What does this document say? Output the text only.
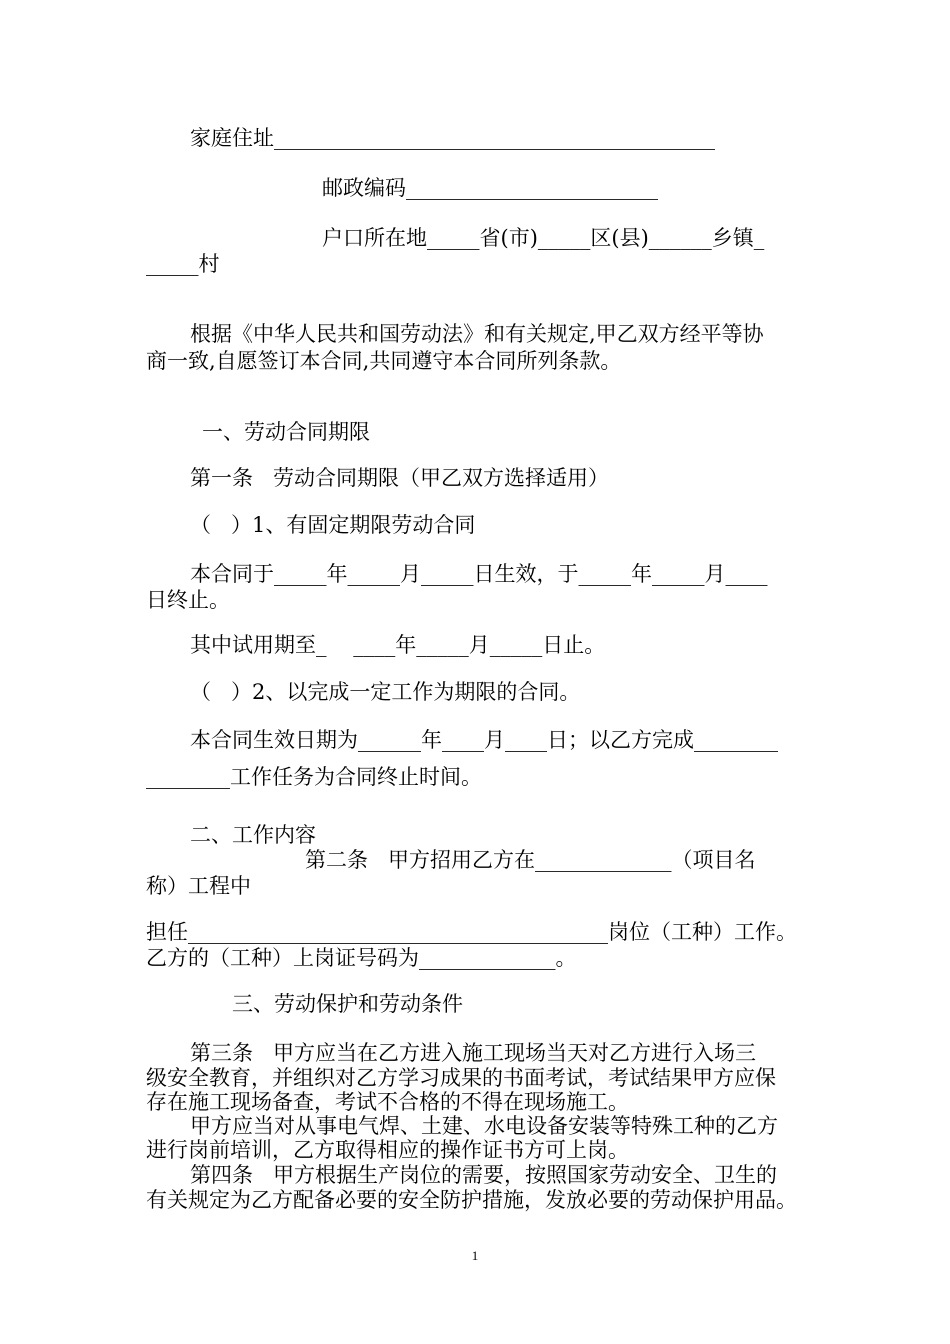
家庭住址__________________________________________
邮政编码________________________
户口所在地_____省(市)_____区(县)______乡镇_
_____村
根据《中华人民共和国劳动法》和有关规定,甲乙双方经平等协
商一致,自愿签订本合同,共同遵守本合同所列条款。
一、劳动合同期限
第一条   劳动合同期限（甲乙双方选择适用）
（   ）1、有固定期限劳动合同
本合同于_____年_____月_____日生效，于_____年_____月____
日终止。
其中试用期至_    ____年_____月_____日止。
（   ）2、以完成一定工作为期限的合同。
本合同生效日期为______年____月____日；以乙方完成________
________工作任务为合同终止时间。
二、工作内容
第二条   甲方招用乙方在_____________（项目名
称）工程中
担任________________________________________岗位（工种）工作。
乙方的（工种）上岗证号码为_____________。
三、劳动保护和劳动条件
第三条   甲方应当在乙方进入施工现场当天对乙方进行入场三
级安全教育，并组织对乙方学习成果的书面考试，考试结果甲方应保
存在施工现场备查，考试不合格的不得在现场施工。
甲方应当对从事电气焊、土建、水电设备安装等特殊工种的乙方
进行岗前培训，乙方取得相应的操作证书方可上岗。
第四条   甲方根据生产岗位的需要，按照国家劳动安全、卫生的
有关规定为乙方配备必要的安全防护措施，发放必要的劳动保护用品。
1
